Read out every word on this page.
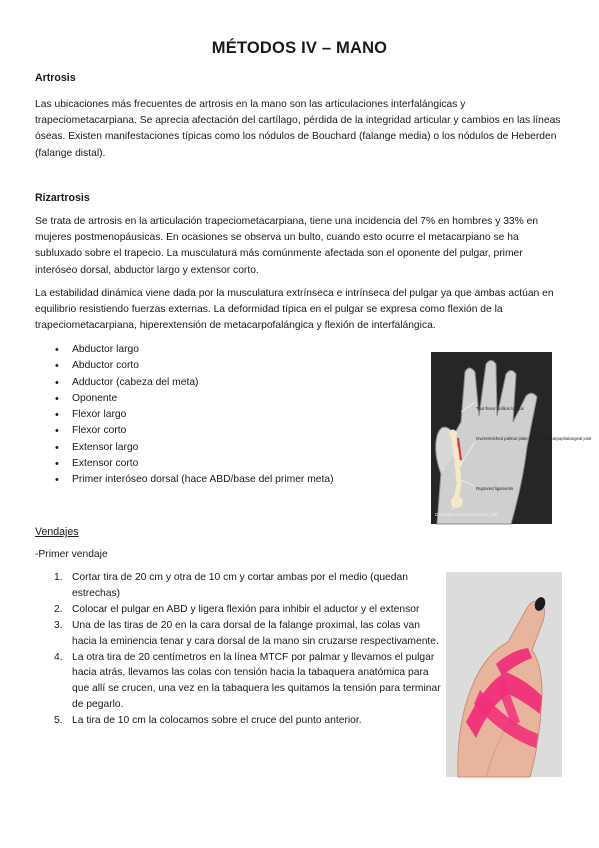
MÉTODOS IV – MANO
Artrosis
Las ubicaciones más frecuentes de artrosis en la mano son las articulaciones interfalángicas y trapeciometacarpiana. Se aprecia afectación del cartílago, pérdida de la integridad articular y cambios en las líneas óseas. Existen manifestaciones típicas como los nódulos de Bouchard (falange media) o los nódulos de Heberden (falange distal).
Rizartrosis
Se trata de artrosis en la articulación trapeciometacarpiana, tiene una incidencia del 7% en hombres y 33% en mujeres postmenopáusicas. En ocasiones se observa un bulto, cuando esto ocurre el metacarpiano se ha subluxado sobre el trapecio. La musculatura más comúnmente afectada son el oponente del pulgar, primer interóseo dorsal, abductor largo y extensor corto.
La estabilidad dinámica viene dada por la musculatura extrínseca e intrínseca del pulgar ya que ambas actúan en equilibrio resistiendo fuerzas externas. La deformidad típica en el pulgar se expresa como flexión de la trapeciometacarpiana, hiperextensión de metacarpofalángica y flexión de interfalángica.
• Abductor largo
• Abductor corto
• Adductor (cabeza del meta)
• Oponente
• Flexor largo
• Flexor corto
• Extensor largo
• Extensor corto
• Primer interóseo dorsal (hace ABD/base del primer meta)
Taut flexor pollicis longus
Overstretched palmar plate at the metacarpophalangeal joint
Ruptured ligaments
Dislocated carpometacarpal joint
Vendajes
-Primer vendaje
1. Cortar tira de 20 cm y otra de 10 cm y cortar ambas por el medio (quedan estrechas)
2. Colocar el pulgar en ABD y ligera flexión para inhibir el aductor y el extensor
3. Una de las tiras de 20 en la cara dorsal de la falange proximal, las colas van hacia la eminencia tenar y cara dorsal de la mano sin cruzarse respectivamente.
4. La otra tira de 20 centímetros en la línea MTCF por palmar y llevamos el pulgar hacia atrás, llevamos las colas con tensión hacia la tabaquera anatómica para que allí se crucen, una vez en la tabaquera les quitamos la tensión para terminar de pegarlo.
5. La tira de 10 cm la colocamos sobre el cruce del punto anterior.
